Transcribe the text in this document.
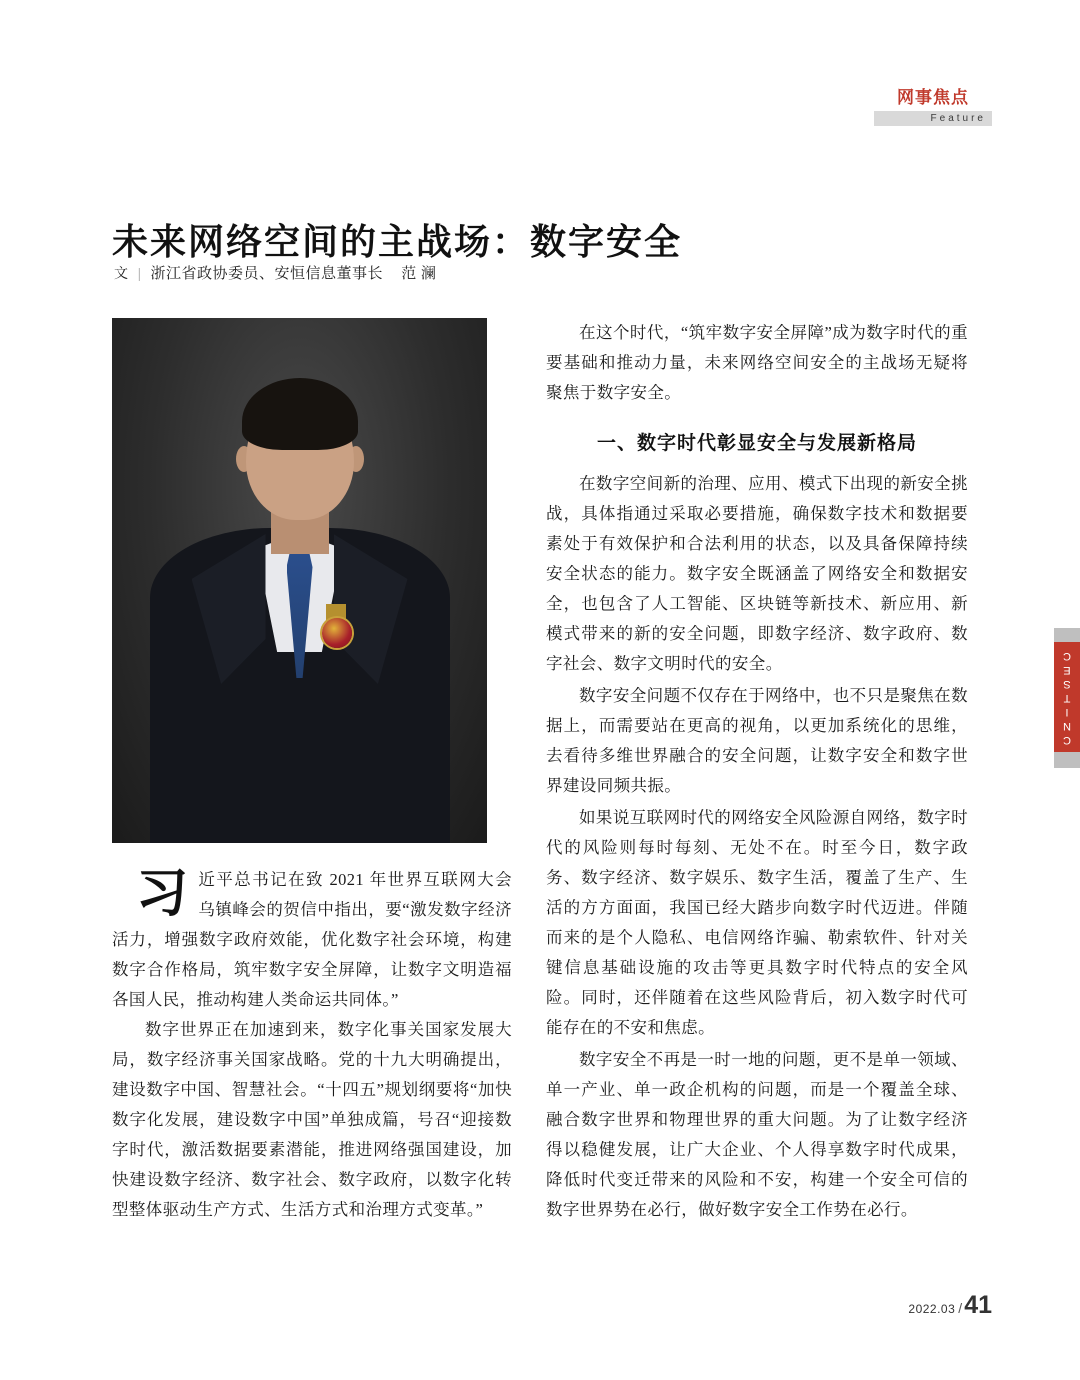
网事焦点
Feature
CNITSEC
未来网络空间的主战场：数字安全
文 | 浙江省政协委员、安恒信息董事长 范 澜
习 近平总书记在致 2021 年世界互联网大会乌镇峰会的贺信中指出，要“激发数字经济活力，增强数字政府效能，优化数字社会环境，构建数字合作格局，筑牢数字安全屏障，让数字文明造福各国人民，推动构建人类命运共同体。”

数字世界正在加速到来，数字化事关国家发展大局，数字经济事关国家战略。党的十九大明确提出，建设数字中国、智慧社会。“十四五”规划纲要将“加快数字化发展，建设数字中国”单独成篇，号召“迎接数字时代，激活数据要素潜能，推进网络强国建设，加快建设数字经济、数字社会、数字政府，以数字化转型整体驱动生产方式、生活方式和治理方式变革。”

在这个时代，“筑牢数字安全屏障”成为数字时代的重要基础和推动力量，未来网络空间安全的主战场无疑将聚焦于数字安全。

一、数字时代彰显安全与发展新格局

在数字空间新的治理、应用、模式下出现的新安全挑战，具体指通过采取必要措施，确保数字技术和数据要素处于有效保护和合法利用的状态，以及具备保障持续安全状态的能力。数字安全既涵盖了网络安全和数据安全，也包含了人工智能、区块链等新技术、新应用、新模式带来的新的安全问题，即数字经济、数字政府、数字社会、数字文明时代的安全。

数字安全问题不仅存在于网络中，也不只是聚焦在数据上，而需要站在更高的视角，以更加系统化的思维，去看待多维世界融合的安全问题，让数字安全和数字世界建设同频共振。

如果说互联网时代的网络安全风险源自网络，数字时代的风险则每时每刻、无处不在。时至今日，数字政务、数字经济、数字娱乐、数字生活，覆盖了生产、生活的方方面面，我国已经大踏步向数字时代迈进。伴随而来的是个人隐私、电信网络诈骗、勒索软件、针对关键信息基础设施的攻击等更具数字时代特点的安全风险。同时，还伴随着在这些风险背后，初入数字时代可能存在的不安和焦虑。

数字安全不再是一时一地的问题，更不是单一领域、单一产业、单一政企机构的问题，而是一个覆盖全球、融合数字世界和物理世界的重大问题。为了让数字经济得以稳健发展，让广大企业、个人得享数字时代成果，降低时代变迁带来的风险和不安，构建一个安全可信的数字世界势在必行，做好数字安全工作势在必行。

2022.03 / 41
